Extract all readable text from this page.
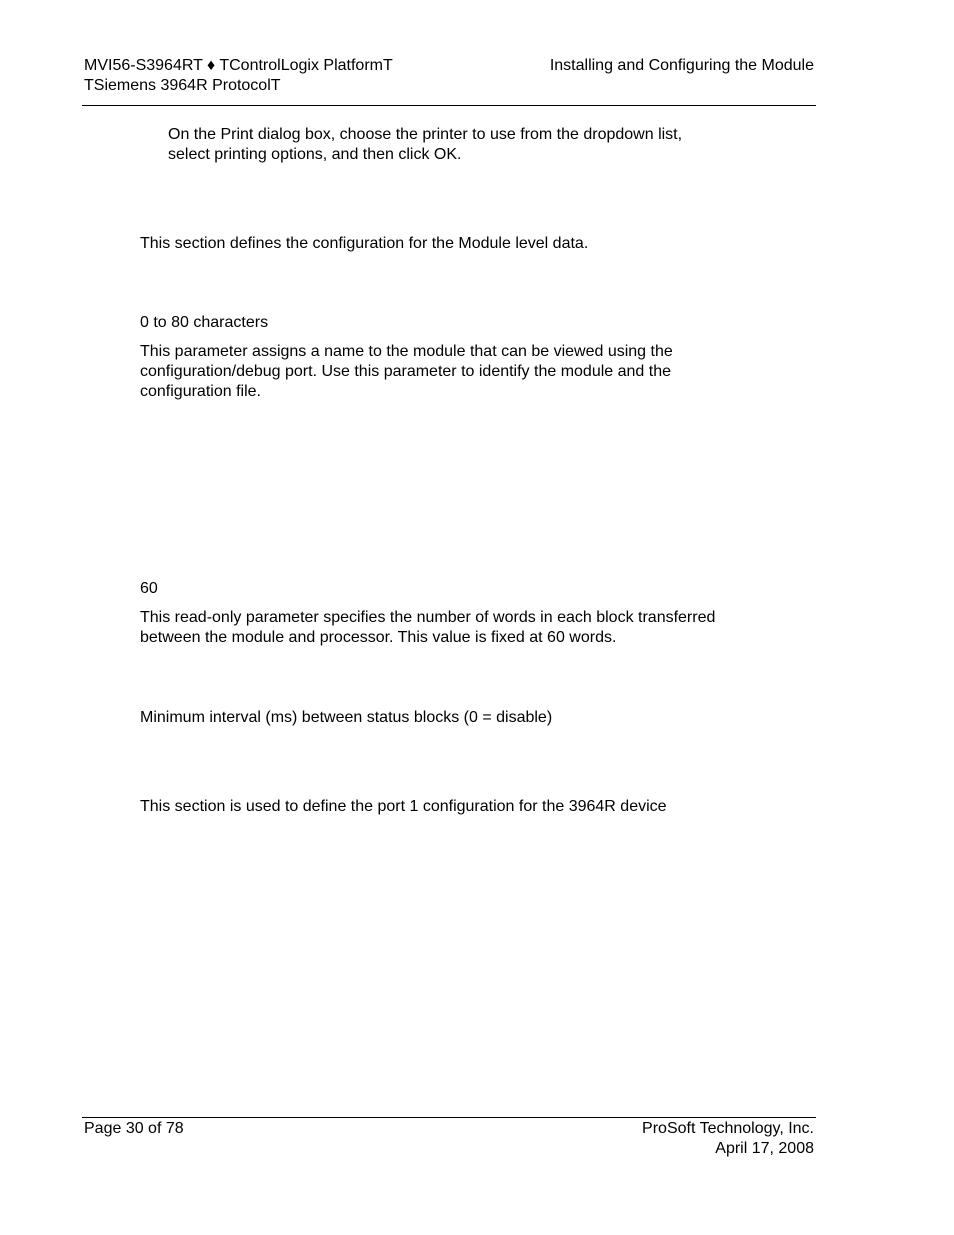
MVI56-S3964RT ♦ TControlLogix PlatformT
TSiemens 3964R ProtocolT
Installing and Configuring the Module
On the Print dialog box, choose the printer to use from the dropdown list,
select printing options, and then click OK.
This section defines the configuration for the Module level data.
0 to 80 characters
This parameter assigns a name to the module that can be viewed using the
configuration/debug port. Use this parameter to identify the module and the
configuration file.
60
This read-only parameter specifies the number of words in each block transferred
between the module and processor. This value is fixed at 60 words.
Minimum interval (ms) between status blocks (0 = disable)
This section is used to define the port 1 configuration for the 3964R device
Page 30 of 78	ProSoft Technology, Inc.
April 17, 2008
